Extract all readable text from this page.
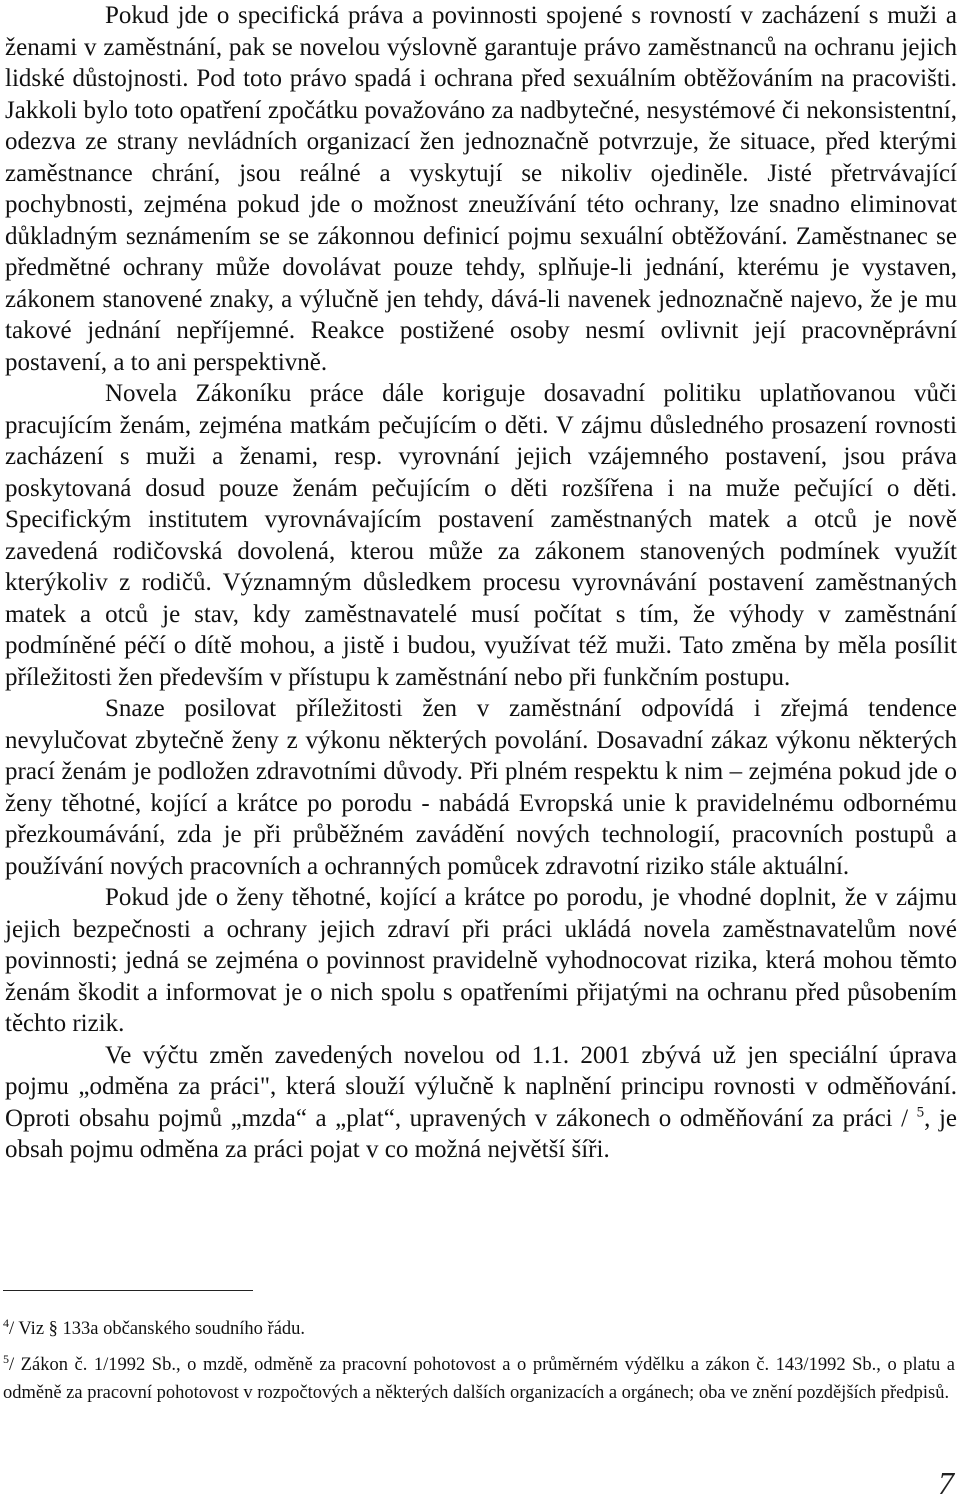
Pokud jde o specifická práva a povinnosti spojené s rovností v zacházení s muži a ženami v zaměstnání, pak se novelou výslovně garantuje právo zaměstnanců na ochranu jejich lidské důstojnosti. Pod toto právo spadá i ochrana před sexuálním obtěžováním na pracovišti. Jakkoli bylo toto opatření zpočátku považováno za nadbytečné, nesystémové či nekonsistentní, odezva ze strany nevládních organizací žen jednoznačně potvrzuje, že situace, před kterými zaměstnance chrání, jsou reálné a vyskytují se nikoliv ojediněle. Jisté přetrvávající pochybnosti, zejména pokud jde o možnost zneužívání této ochrany, lze snadno eliminovat důkladným seznámením se se zákonnou definicí pojmu sexuální obtěžování. Zaměstnanec se předmětné ochrany může dovolávat pouze tehdy, splňuje-li jednání, kterému je vystaven, zákonem stanovené znaky, a výlučně jen tehdy, dává-li navenek jednoznačně najevo, že je mu takové jednání nepříjemné. Reakce postižené osoby nesmí ovlivnit její pracovněprávní postavení, a to ani perspektivně.

Novela Zákoníku práce dále koriguje dosavadní politiku uplatňovanou vůči pracujícím ženám, zejména matkám pečujícím o děti. V zájmu důsledného prosazení rovnosti zacházení s muži a ženami, resp. vyrovnání jejich vzájemného postavení, jsou práva poskytovaná dosud pouze ženám pečujícím o děti rozšířena i na muže pečující o děti. Specifickým institutem vyrovnávajícím postavení zaměstnaných matek a otců je nově zavedená rodičovská dovolená, kterou může za zákonem stanovených podmínek využít kterýkoliv z rodičů. Významným důsledkem procesu vyrovnávání postavení zaměstnaných matek a otců je stav, kdy zaměstnavatelé musí počítat s tím, že výhody v zaměstnání podmíněné péčí o dítě mohou, a jistě i budou, využívat též muži. Tato změna by měla posílit příležitosti žen především v přístupu k zaměstnání nebo při funkčním postupu.

Snaze posilovat příležitosti žen v zaměstnání odpovídá i zřejmá tendence nevylučovat zbytečně ženy z výkonu některých povolání. Dosavadní zákaz výkonu některých prací ženám je podložen zdravotními důvody. Při plném respektu k nim – zejména pokud jde o ženy těhotné, kojící a krátce po porodu - nabádá Evropská unie k pravidelnému odbornému přezkoumávání, zda je při průběžném zavádění nových technologií, pracovních postupů a používání nových pracovních a ochranných pomůcek zdravotní riziko stále aktuální.

Pokud jde o ženy těhotné, kojící a krátce po porodu, je vhodné doplnit, že v zájmu jejich bezpečnosti a ochrany jejich zdraví při práci ukládá novela zaměstnavatelům nové povinnosti; jedná se zejména o povinnost pravidelně vyhodnocovat rizika, která mohou těmto ženám škodit a informovat je o nich spolu s opatřeními přijatými na ochranu před působením těchto rizik.

Ve výčtu změn zavedených novelou od 1.1. 2001 zbývá už jen speciální úprava pojmu „odměna za práci", která slouží výlučně k naplnění principu rovnosti v odměňování. Oproti obsahu pojmů „mzda“ a „plat“, upravených v zákonech o odměňování za práci / $^5$, je obsah pojmu odměna za práci pojat v co možná největší šíři.

$^4$/ Viz § 133a občanského soudního řádu.

$^5$/ Zákon č. 1/1992 Sb., o mzdě, odměně za pracovní pohotovost a o průměrném výdělku a zákon č. 143/1992 Sb., o platu a odměně za pracovní pohotovost v rozpočtových a některých dalších organizacích a orgánech; oba ve znění pozdějších předpisů.

7
